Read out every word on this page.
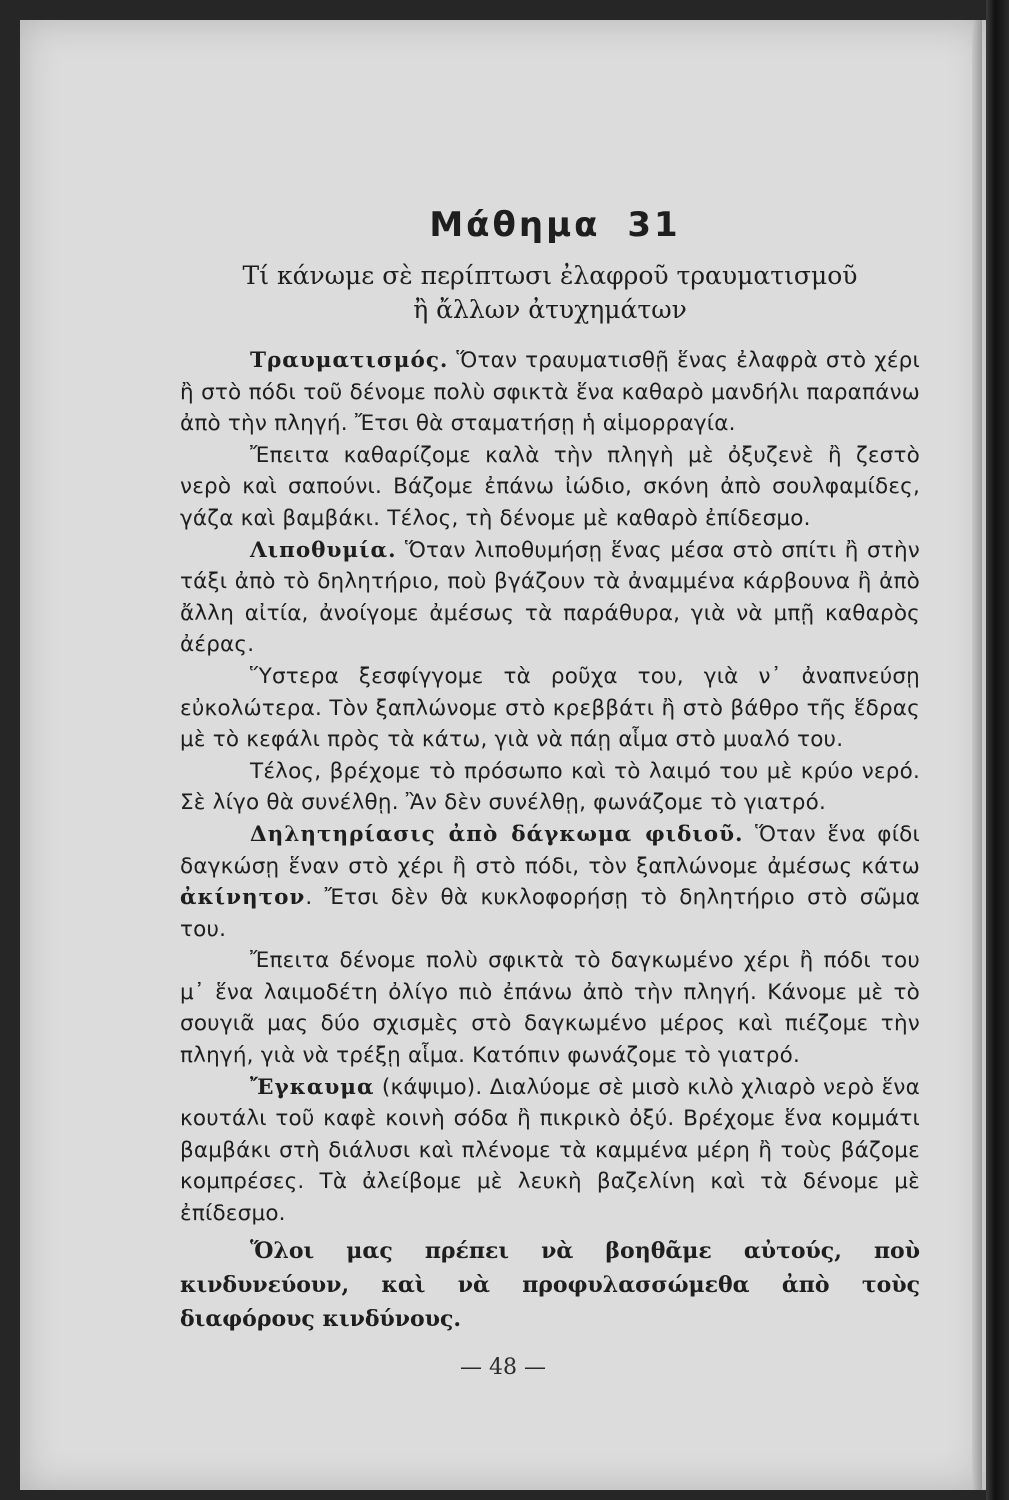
Μάθημα 31
Τί κάνωμε σὲ περίπτωσι ἐλαφροῦ τραυματισμοῦ
ἢ ἄλλων ἀτυχημάτων

Τραυματισμός. Ὅταν τραυματισθῇ ἕνας ἐλαφρὰ στὸ χέρι ἢ στὸ πόδι τοῦ δένομε πολὺ σφικτὰ ἕνα καθαρὸ μανδήλι παραπάνω ἀπὸ τὴν πληγή. Ἔτσι θὰ σταματήσῃ ἡ αἱμορραγία.

Ἔπειτα καθαρίζομε καλὰ τὴν πληγὴ μὲ ὀξυζενὲ ἢ ζεστὸ νερὸ καὶ σαπούνι. Βάζομε ἐπάνω ἰώδιο, σκόνη ἀπὸ σουλφαμίδες, γάζα καὶ βαμβάκι. Τέλος, τὴ δένομε μὲ καθαρὸ ἐπίδεσμο.

Λιποθυμία. Ὅταν λιποθυμήσῃ ἕνας μέσα στὸ σπίτι ἢ στὴν τάξι ἀπὸ τὸ δηλητήριο, ποὺ βγάζουν τὰ ἀναμμένα κάρβουνα ἢ ἀπὸ ἄλλη αἰτία, ἀνοίγομε ἀμέσως τὰ παράθυρα, γιὰ νὰ μπῇ καθαρὸς ἀέρας.

Ὕστερα ξεσφίγγομε τὰ ροῦχα του, γιὰ ν᾽ ἀναπνεύσῃ εὐκολώτερα. Τὸν ξαπλώνομε στὸ κρεββάτι ἢ στὸ βάθρο τῆς ἕδρας μὲ τὸ κεφάλι πρὸς τὰ κάτω, γιὰ νὰ πάῃ αἷμα στὸ μυαλό του.

Τέλος, βρέχομε τὸ πρόσωπο καὶ τὸ λαιμό του μὲ κρύο νερό. Σὲ λίγο θὰ συνέλθῃ. Ἂν δὲν συνέλθῃ, φωνάζομε τὸ γιατρό.

Δηλητηρίασις ἀπὸ δάγκωμα φιδιοῦ. Ὅταν ἕνα φίδι δαγκώσῃ ἕναν στὸ χέρι ἢ στὸ πόδι, τὸν ξαπλώνομε ἀμέσως κάτω ἀκίνητον. Ἔτσι δὲν θὰ κυκλοφορήσῃ τὸ δηλητήριο στὸ σῶμα του.

Ἔπειτα δένομε πολὺ σφικτὰ τὸ δαγκωμένο χέρι ἢ πόδι του μ᾽ ἕνα λαιμοδέτη ὀλίγο πιὸ ἐπάνω ἀπὸ τὴν πληγή. Κάνομε μὲ τὸ σουγιᾶ μας δύο σχισμὲς στὸ δαγκωμένο μέρος καὶ πιέζομε τὴν πληγή, γιὰ νὰ τρέξῃ αἷμα. Κατόπιν φωνάζομε τὸ γιατρό.

Ἔγκαυμα (κάψιμο). Διαλύομε σὲ μισὸ κιλὸ χλιαρὸ νερὸ ἕνα κουτάλι τοῦ καφὲ κοινὴ σόδα ἢ πικρικὸ ὀξύ. Βρέχομε ἕνα κομμάτι βαμβάκι στὴ διάλυσι καὶ πλένομε τὰ καμμένα μέρη ἢ τοὺς βάζομε κομπρέσες. Τὰ ἀλείβομε μὲ λευκὴ βαζελίνη καὶ τὰ δένομε μὲ ἐπίδεσμο.

Ὅλοι μας πρέπει νὰ βοηθᾶμε αὐτούς, ποὺ κινδυνεύουν, καὶ νὰ προφυλασσώμεθα ἀπὸ τοὺς διαφόρους κινδύνους.
— 48 —
